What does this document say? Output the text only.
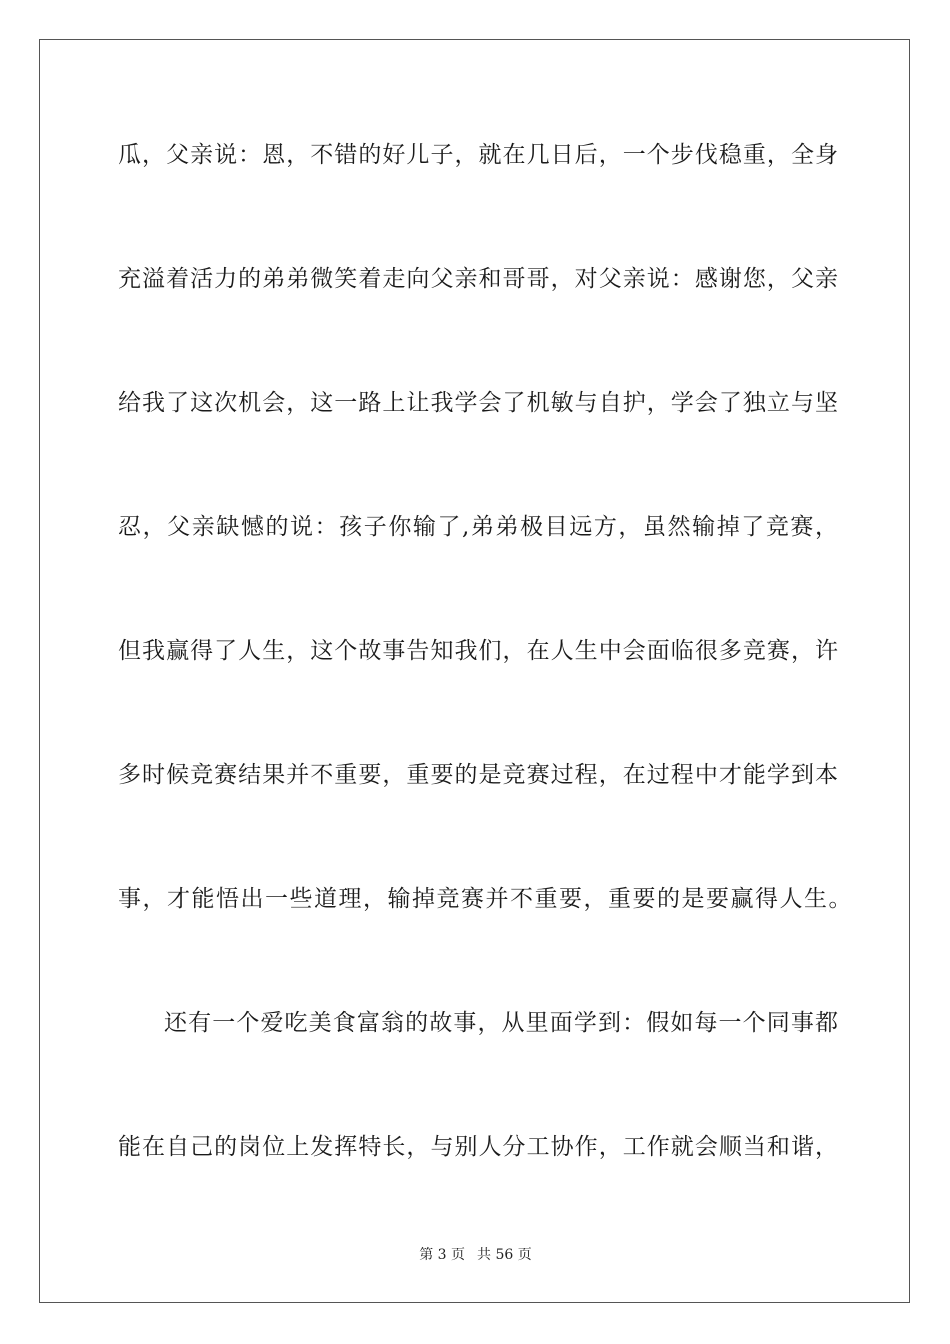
瓜，父亲说：恩，不错的好儿子，就在几日后，一个步伐稳重，全身
充溢着活力的弟弟微笑着走向父亲和哥哥，对父亲说：感谢您，父亲
给我了这次机会，这一路上让我学会了机敏与自护，学会了独立与坚
忍，父亲缺憾的说：孩子你输了,弟弟极目远方，虽然输掉了竞赛，
但我赢得了人生，这个故事告知我们，在人生中会面临很多竞赛，许
多时候竞赛结果并不重要，重要的是竞赛过程，在过程中才能学到本
事，才能悟出一些道理，输掉竞赛并不重要，重要的是要赢得人生。
还有一个爱吃美食富翁的故事，从里面学到：假如每一个同事都
能在自己的岗位上发挥特长，与别人分工协作，工作就会顺当和谐，
第 3 页 共 56 页
